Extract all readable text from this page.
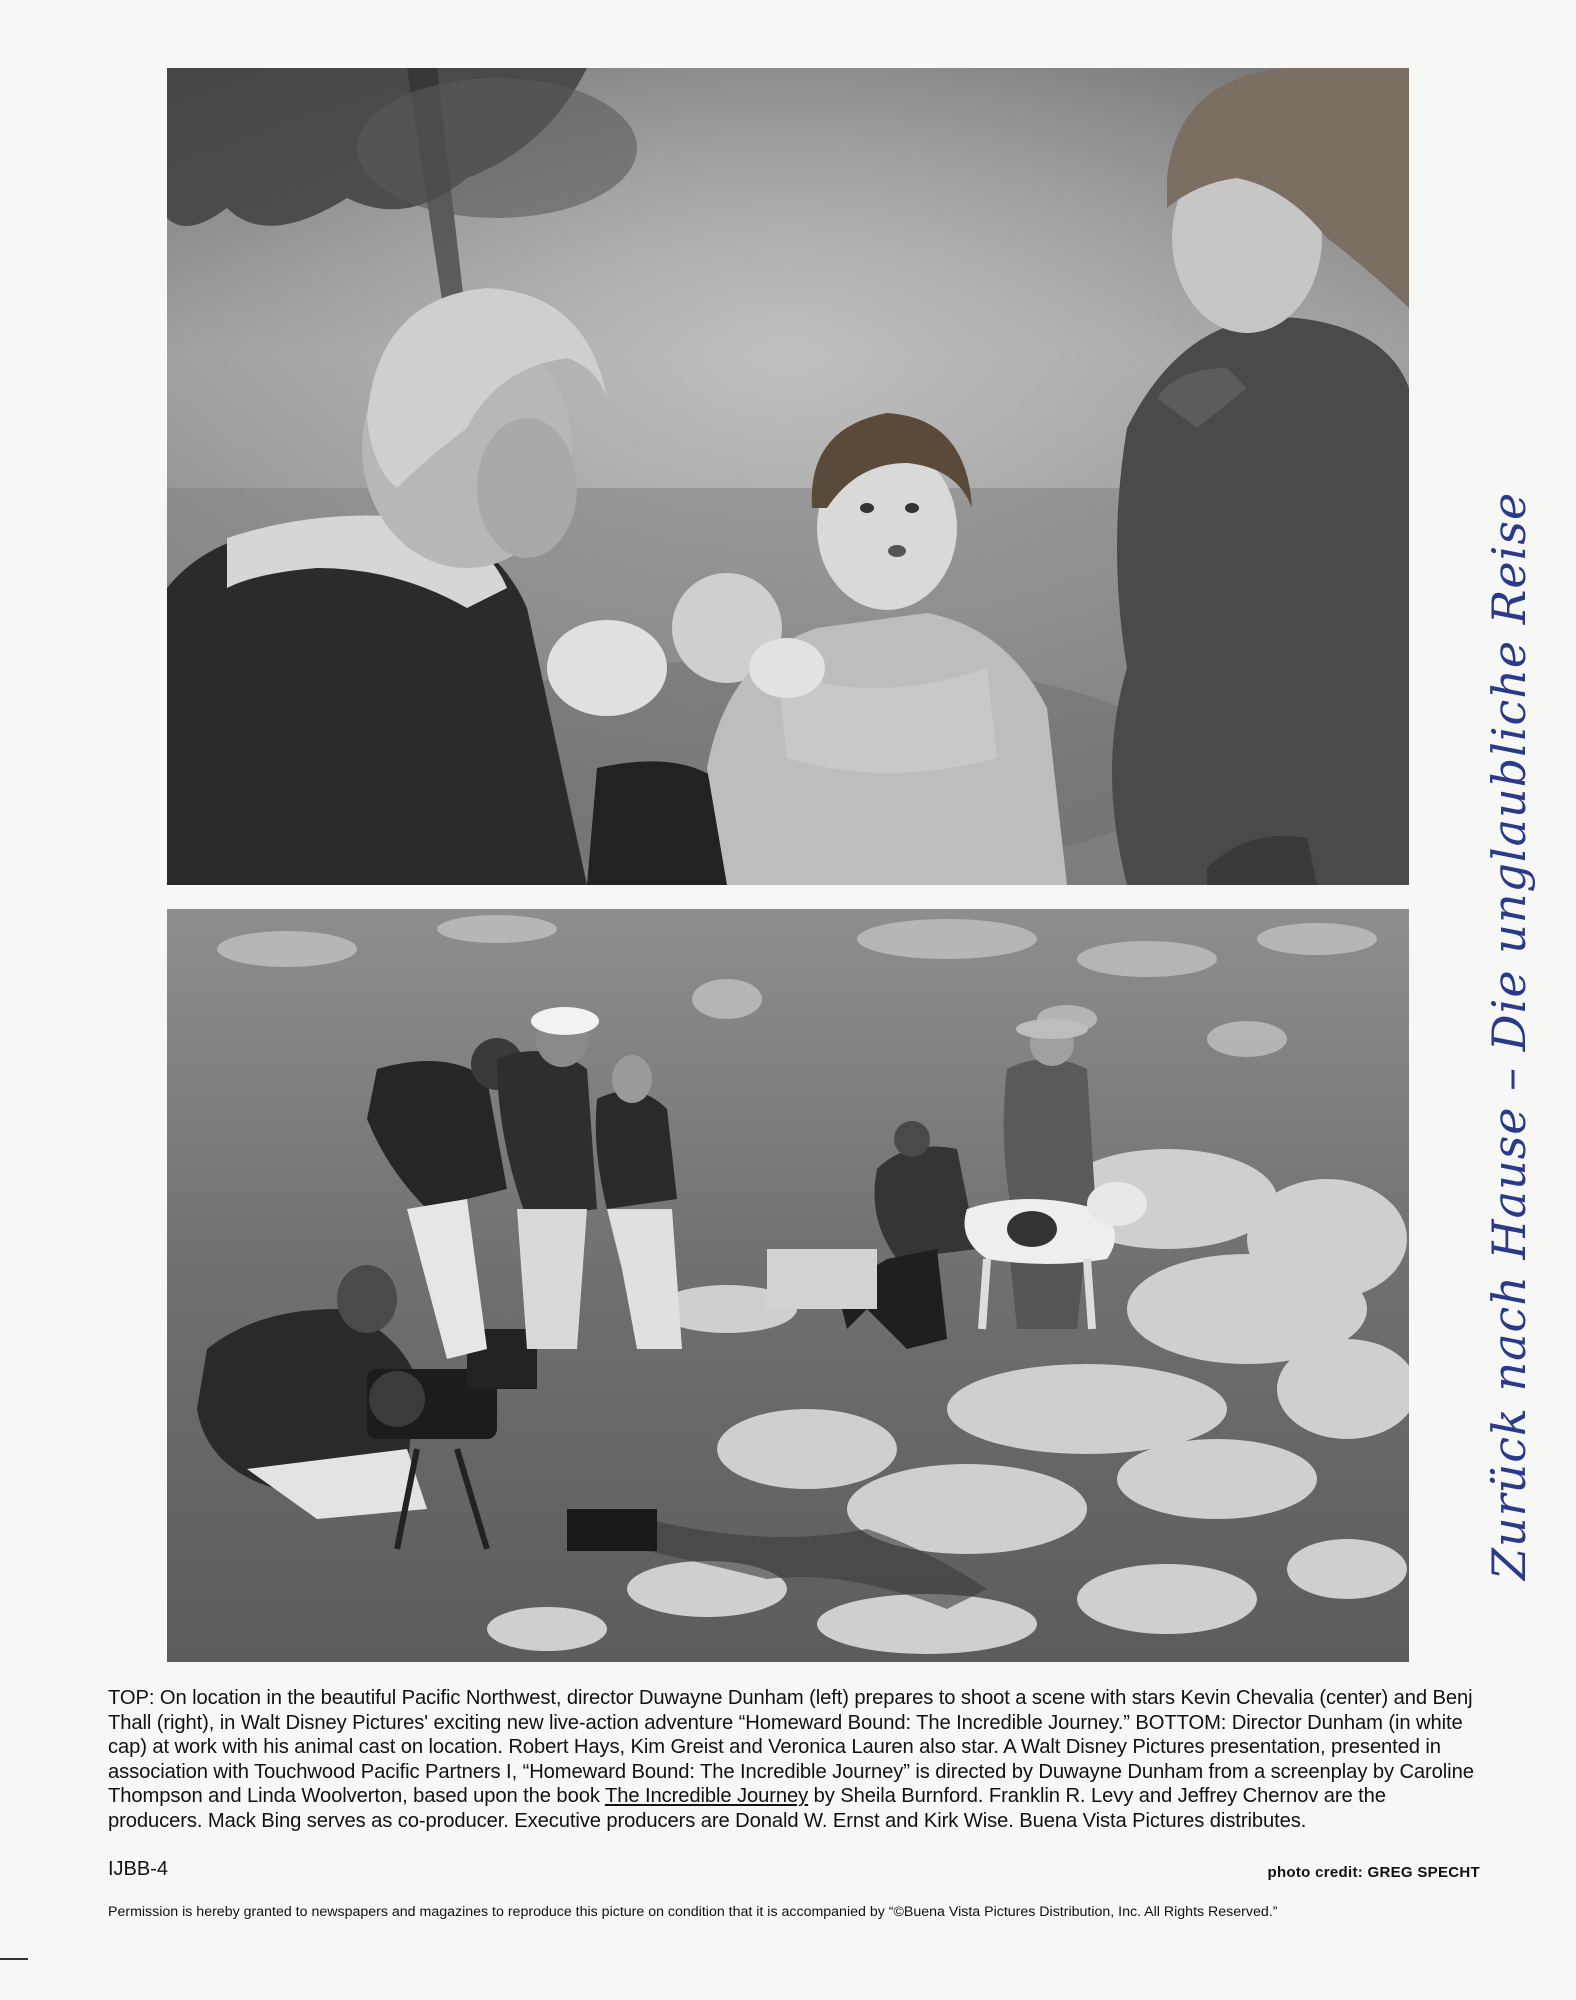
TOP: On location in the beautiful Pacific Northwest, director Duwayne Dunham (left) prepares to shoot a scene with stars Kevin Chevalia (center) and Benj Thall (right), in Walt Disney Pictures' exciting new live-action adventure “Homeward Bound: The Incredible Journey.” BOTTOM: Director Dunham (in white cap) at work with his animal cast on location. Robert Hays, Kim Greist and Veronica Lauren also star. A Walt Disney Pictures presentation, presented in association with Touchwood Pacific Partners I, “Homeward Bound: The Incredible Journey” is directed by Duwayne Dunham from a screenplay by Caroline Thompson and Linda Woolverton, based upon the book The Incredible Journey by Sheila Burnford. Franklin R. Levy and Jeffrey Chernov are the producers. Mack Bing serves as co-producer. Executive producers are Donald W. Ernst and Kirk Wise. Buena Vista Pictures distributes.
IJBB-4	photo credit: GREG SPECHT
Permission is hereby granted to newspapers and magazines to reproduce this picture on condition that it is accompanied by “©Buena Vista Pictures Distribution, Inc. All Rights Reserved.”
Zurück nach Hause – Die unglaubliche Reise
